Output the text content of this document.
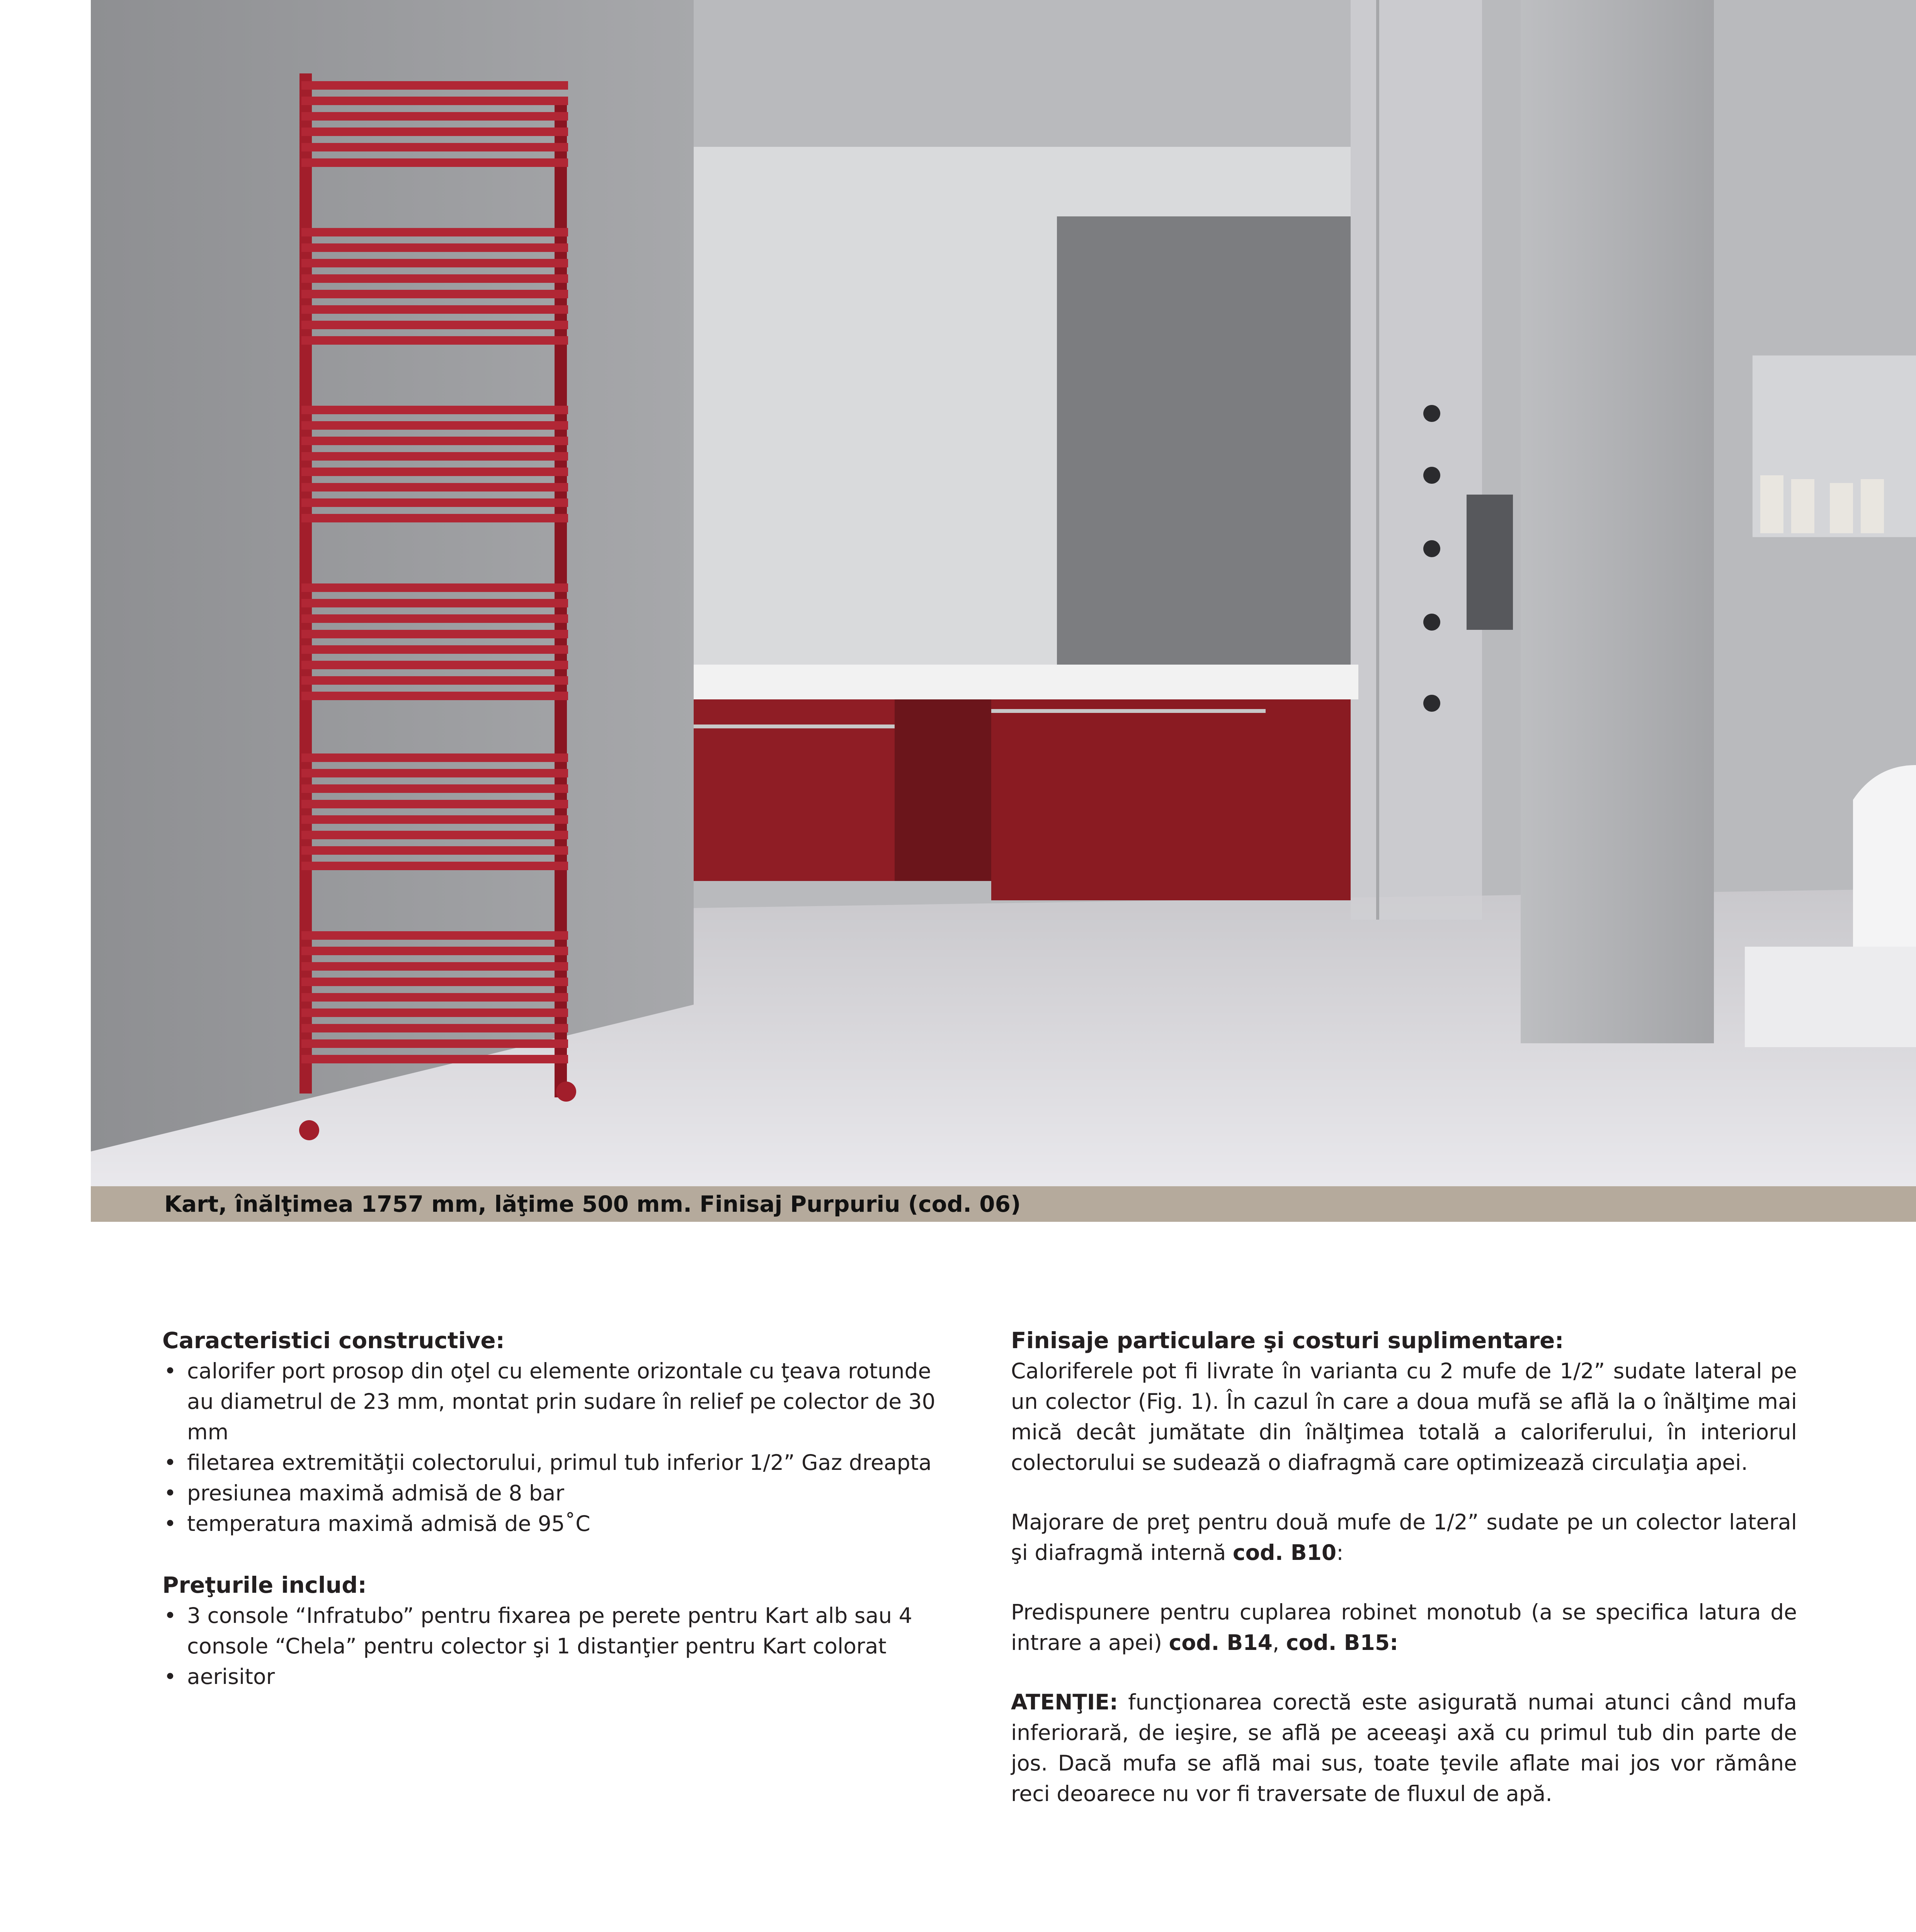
Kart, înălţimea 1757 mm, lăţime 500 mm. Finisaj Purpuriu (cod. 06)
Caracteristici constructive:
• calorifer port prosop din oţel cu elemente orizontale cu ţeava rotunde au diametrul de 23 mm, montat prin sudare în relief pe colector de 30 mm
• filetarea extremităţii colectorului, primul tub inferior 1/2” Gaz dreapta
• presiunea maximă admisă de 8 bar
• temperatura maximă admisă de 95˚C
Preţurile includ:
• 3 console “Infratubo” pentru fixarea pe perete pentru Kart alb sau 4 console “Chela” pentru colector şi 1 distanţier pentru Kart colorat
• aerisitor
Finisaje particulare şi costuri suplimentare:

Caloriferele pot fi livrate în varianta cu 2 mufe de 1/2” sudate lateral pe un colector (Fig. 1). În cazul în care a doua mufă se află la o înălţime mai mică decât jumătate din înălţimea totală a caloriferului, în interiorul colectorului se sudează o diafragmă care optimizează circulaţia apei.

Majorare de preţ pentru două mufe de 1/2” sudate pe un colector lateral şi diafragmă internă cod. B10:

Predispunere pentru cuplarea robinet monotub (a se specifica latura de intrare a apei) cod. B14, cod. B15:

ATENŢIE: funcţionarea corectă este asigurată numai atunci când mufa inferiorară, de ieşire, se află pe aceeaşi axă cu primul tub din parte de jos. Dacă mufa se află mai sus, toate ţevile aflate mai jos vor rămâne reci deoarece nu vor fi traversate de fluxul de apă.
